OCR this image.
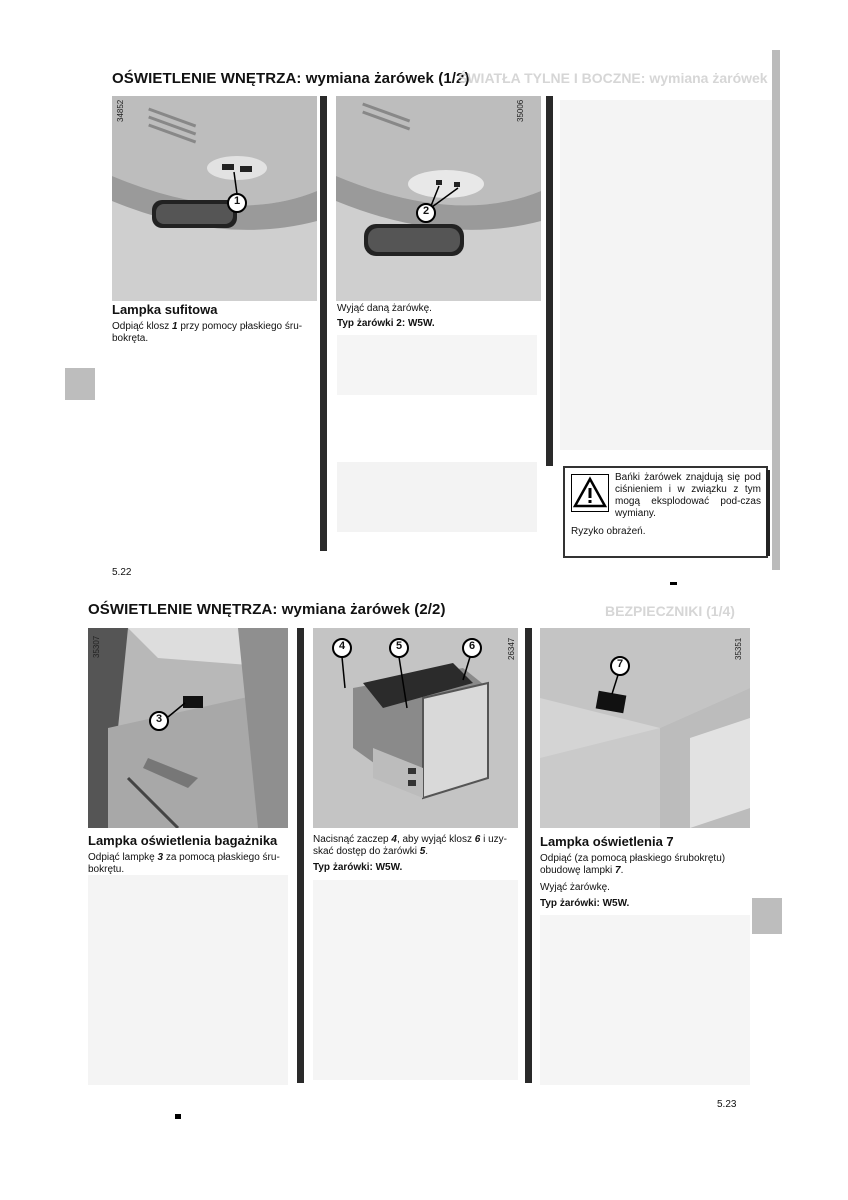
OŚWIETLENIE WNĘTRZA: wymiana żarówek (1/2)
ŚWIATŁA TYLNE I BOCZNE: wymiana żarówek
1
34852
2
35006
Lampka sufitowa
Odpiąć klosz 1 przy pomocy płaskiego śru-bokręta.
Wyjąć daną żarówkę.
Typ żarówki 2: W5W.
Bańki żarówek znajdują się pod ciśnieniem i w związku z tym mogą eksplodować pod-czas wymiany.
Ryzyko obrażeń.
5.22
OŚWIETLENIE WNĘTRZA: wymiana żarówek (2/2)	BEZPIECZNIKI (1/4)
3
35307	4	5	6	26347
7
35351
Lampka oświetlenia bagażnika
Odpiąć lampkę 3 za pomocą płaskiego śru-bokrętu.
Nacisnąć zaczep 4, aby wyjąć klosz 6 i uzy-skać dostęp do żarówki 5.
Typ żarówki: W5W.
Lampka oświetlenia 7
Odpiąć (za pomocą płaskiego śrubokrętu) obudowę lampki 7.
Wyjąć żarówkę.
Typ żarówki: W5W.
5.23
